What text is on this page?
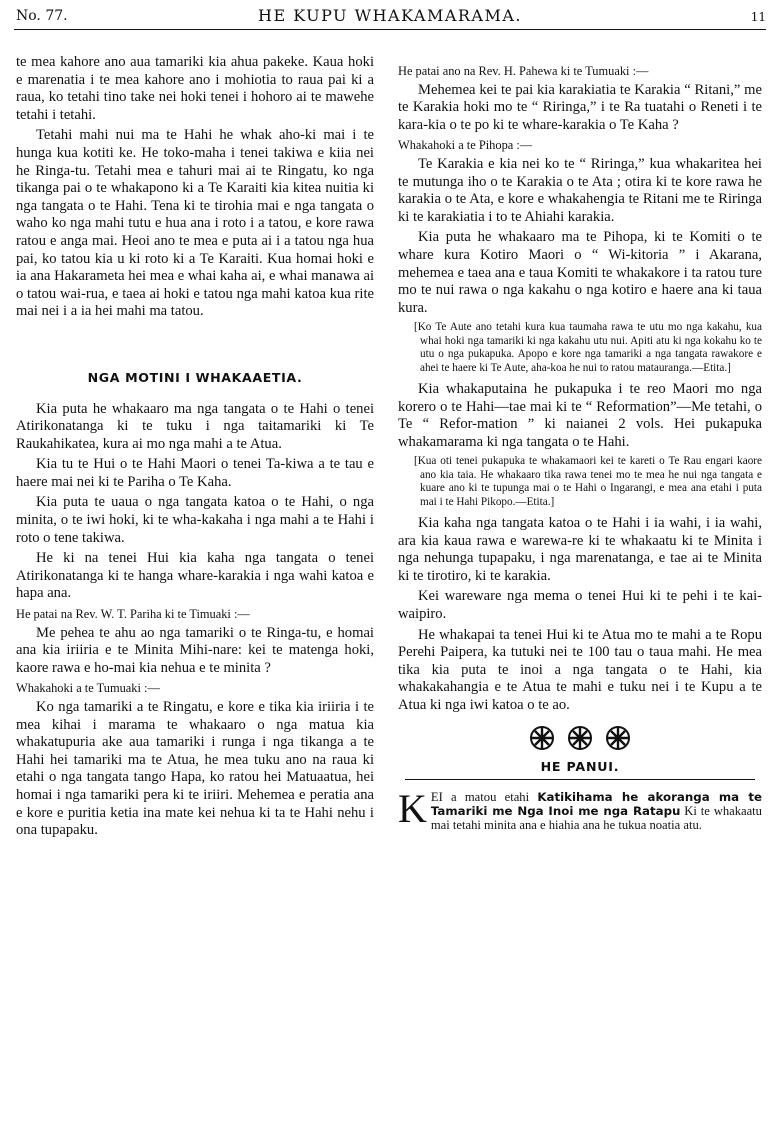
No. 77.	HE KUPU WHAKAMARAMA.	11

te mea kahore ano aua tamariki kia ahua pakeke. Kaua hoki e marenatia i te mea kahore ano i mohiotia to raua pai ki a raua, ko tetahi tino take nei hoki tenei i hohoro ai te mawehe tetahi i tetahi.

Tetahi mahi nui ma te Hahi he whak aho-ki mai i te hunga kua kotiti ke. He toko-maha i tenei takiwa e kiia nei he Ringa-tu. Tetahi mea e tahuri mai ai te Ringatu, ko nga tikanga pai o te whakapono ki a Te Karaiti kia kitea nuitia ki nga tangata o te Hahi. Tena ki te tirohia mai e nga tangata o waho ko nga mahi tutu e hua ana i roto i a tatou, e kore rawa ratou e anga mai. Heoi ano te mea e puta ai i a tatou nga hua pai, ko tatou kia u ki roto ki a Te Karaiti. Kua homai hoki e ia ana Hakarameta hei mea e whai kaha ai, e whai manawa ai o tatou wai-rua, e taea ai hoki e tatou nga mahi katoa kua rite mai nei i a ia hei mahi ma tatou.

NGA MOTINI I WHAKAAETIA.

Kia puta he whakaaro ma nga tangata o te Hahi o tenei Atirikonatanga ki te tuku i nga taitamariki ki Te Raukahikatea, kura ai mo nga mahi a te Atua.

Kia tu te Hui o te Hahi Maori o tenei Ta-kiwa a te tau e haere mai nei ki te Pariha o Te Kaha.

Kia puta te uaua o nga tangata katoa o te Hahi, o nga minita, o te iwi hoki, ki te wha-kakaha i nga mahi a te Hahi i roto o tene takiwa.

He ki na tenei Hui kia kaha nga tangata o tenei Atirikonatanga ki te hanga whare-karakia i nga wahi katoa e hapa ana.

He patai na Rev. W. T. Pariha ki te Timuaki :—

Me pehea te ahu ao nga tamariki o te Ringa-tu, e homai ana kia iriiria e te Minita Mihi-nare: kei te matenga hoki, kaore rawa e ho-mai kia nehua e te minita ?

Whakahoki a te Tumuaki :—

Ko nga tamariki a te Ringatu, e kore e tika kia iriiria i te mea kihai i marama te whakaaro o nga matua kia whakatupuria ake aua tamariki i runga i nga tikanga a te Hahi hei tamariki ma te Atua, he mea tuku ano na raua ki etahi o nga tangata tango Hapa, ko ratou hei Matuaatua, hei homai i nga tamariki pera ki te iriiri. Mehemea e peratia ana e kore e puritia ketia ina mate kei nehua ki ta te Hahi nehu i ona tupapaku.

He patai ano na Rev. H. Pahewa ki te Tumuaki :—

Mehemea kei te pai kia karakiatia te Karakia “ Ritani,” me te Karakia hoki mo te “ Riringa,” i te Ra tuatahi o Reneti i te kara-kia o te po ki te whare-karakia o Te Kaha ?

Whakahoki a te Pihopa :—

Te Karakia e kia nei ko te “ Riringa,” kua whakaritea hei te mutunga iho o te Karakia o te Ata ; otira ki te kore rawa he karakia o te Ata, e kore e whakahengia te Ritani me te Riringa ki te karakiatia i to te Ahiahi karakia.

Kia puta he whakaaro ma te Pihopa, ki te Komiti o te whare kura Kotiro Maori o “ Wi-kitoria ” i Akarana, mehemea e taea ana e taua Komiti te whakakore i ta ratou ture mo te nui rawa o nga kakahu o nga kotiro e haere ana ki taua kura.

[Ko Te Aute ano tetahi kura kua taumaha rawa te utu mo nga kakahu, kua whai hoki nga tamariki ki nga kakahu utu nui. Apiti atu ki nga kokahu ko te utu o nga pukapuka. Apopo e kore nga tamariki a nga tangata rawakore e ahei te haere ki Te Aute, aha-koa he nui to ratou matauranga.—Etita.]

Kia whakaputaina he pukapuka i te reo Maori mo nga korero o te Hahi—tae mai ki te “ Reformation”—Me tetahi, o Te “ Refor-mation ” ki naianei 2 vols. Hei pukapuka whakamarama ki nga tangata o te Hahi.

[Kua oti tenei pukapuka te whakamaori kei te kareti o Te Rau engari kaore ano kia taia. He whakaaro tika rawa tenei mo te mea he nui nga tangata e kuare ano ki te tupunga mai o te Hahi o Ingarangi, e mea ana etahi i puta mai i te Hahi Pikopo.—Etita.]

Kia kaha nga tangata katoa o te Hahi i ia wahi, i ia wahi, ara kia kaua rawa e warewa-re ki te whakaatu ki te Minita i nga nehunga tupapaku, i nga marenatanga, e tae ai te Minita ki te tirotiro, ki te karakia.

Kei wareware nga mema o tenei Hui ki te pehi i te kai-waipiro.

He whakapai ta tenei Hui ki te Atua mo te mahi a te Ropu Perehi Paipera, ka tutuki nei te 100 tau o taua mahi. He mea tika kia puta te inoi a nga tangata o te Hahi, kia whakakahangia e te Atua te mahi e tuku nei i te Kupu a te Atua ki nga iwi katoa o te ao.

HE PANUI.

KEI a matou etahi Katikihama he akoranga ma te Tamariki me Nga Inoi me nga Ratapu Ki te whakaatu mai tetahi minita ana e hiahia ana he tukua noatia atu.
